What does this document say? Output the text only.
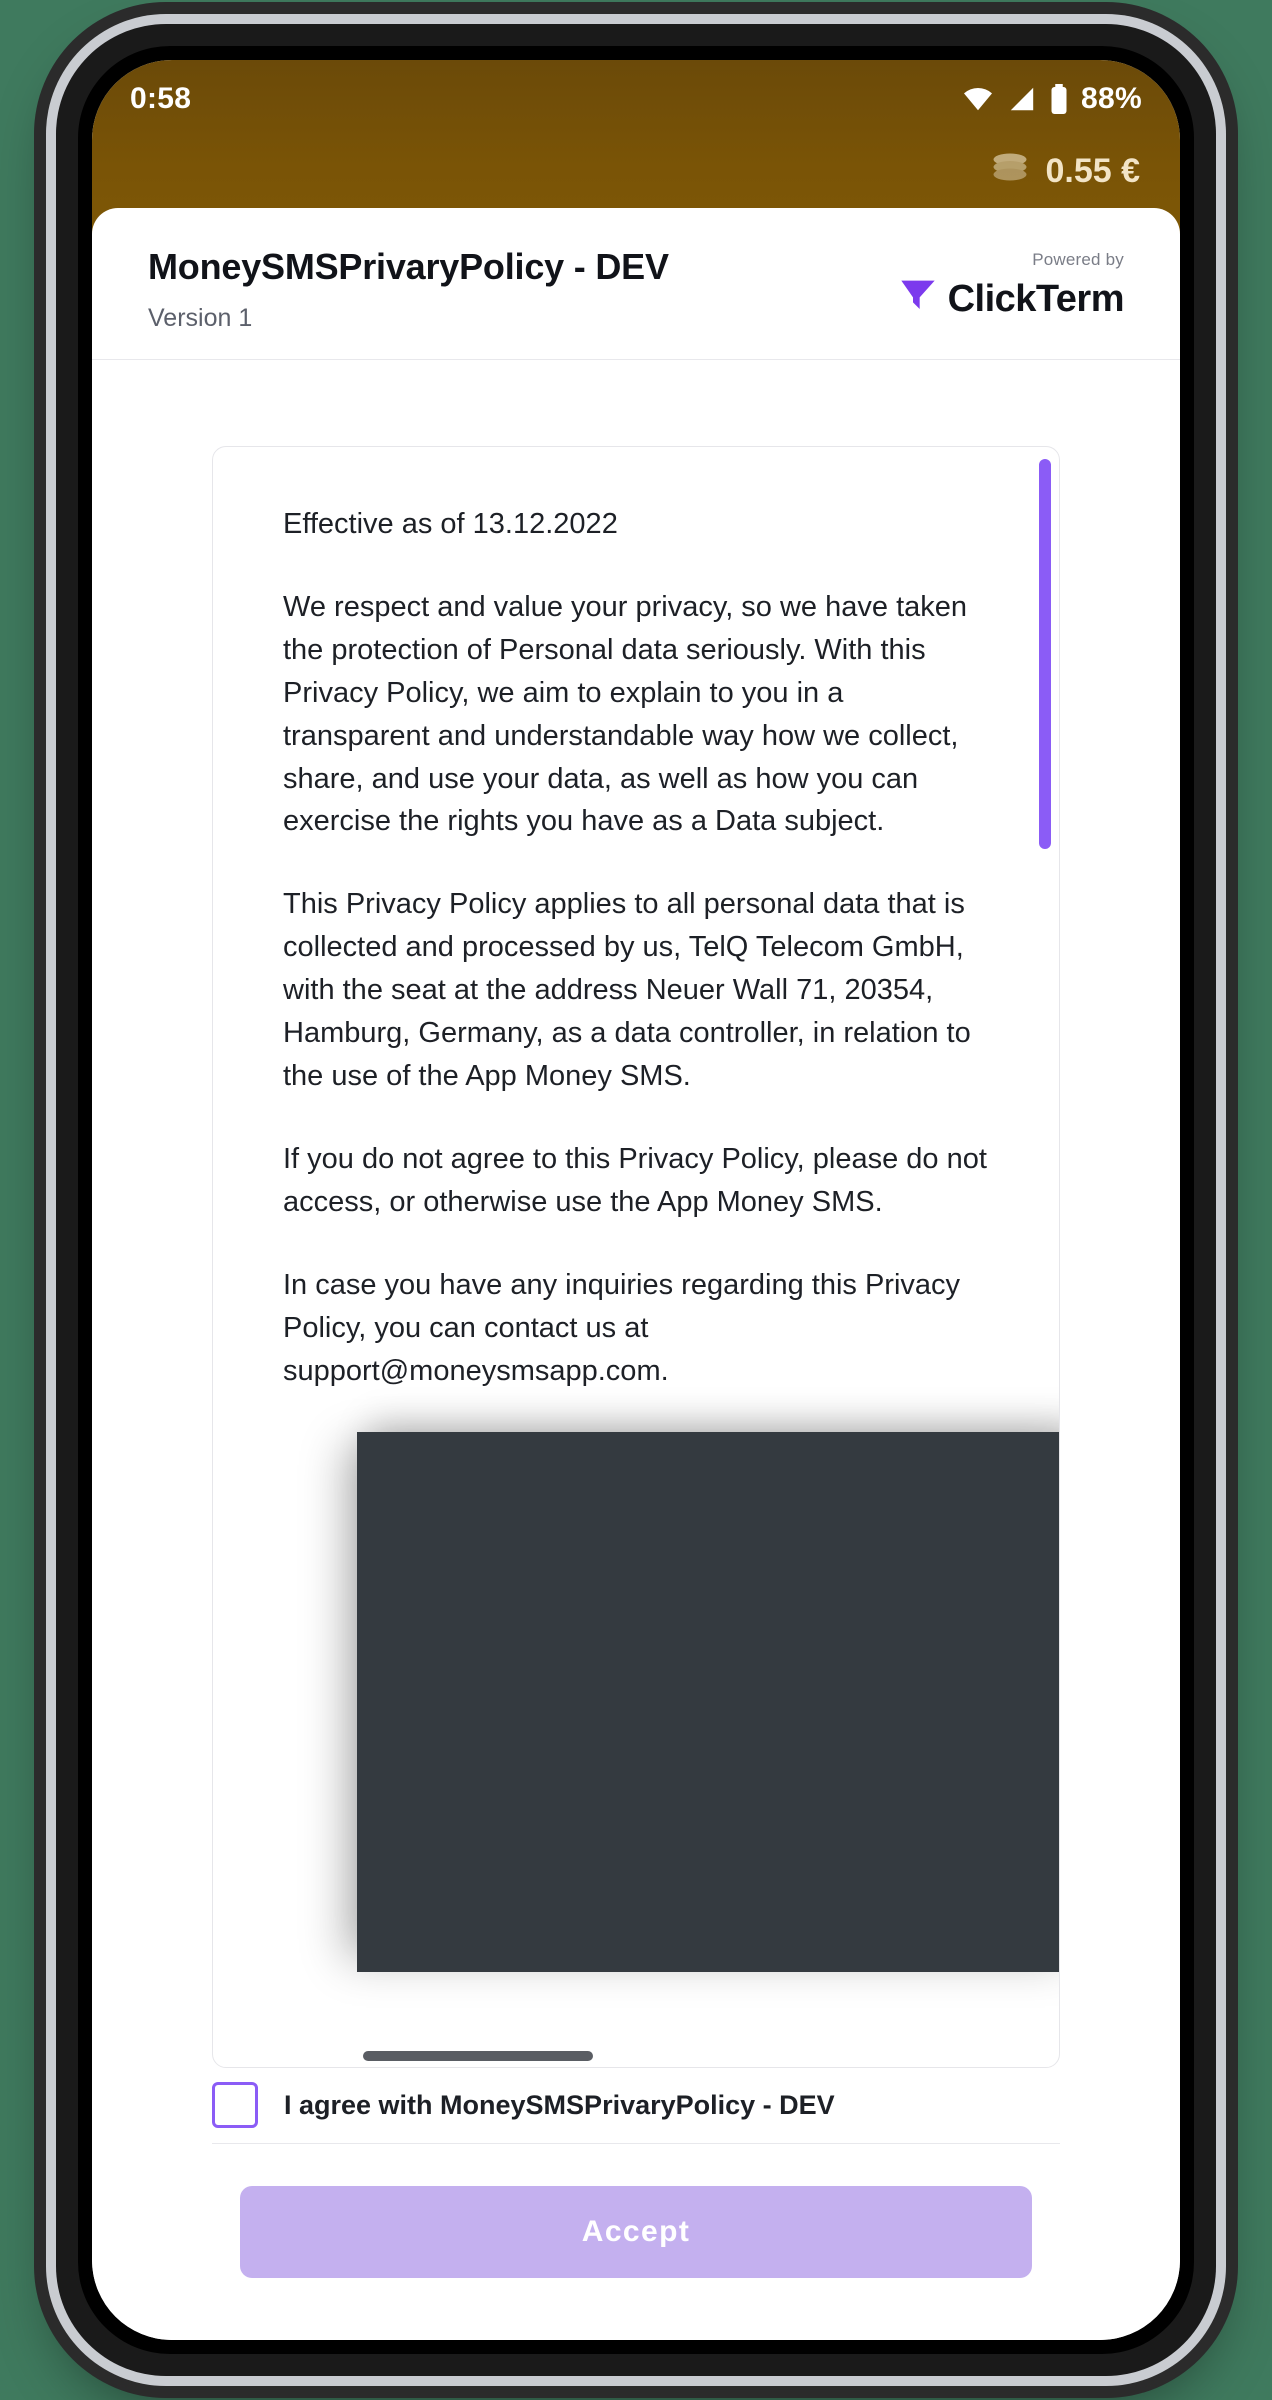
0:58	88%
0.55 €
MoneySMSPrivaryPolicy - DEV
Version 1
Powered by
ClickTerm

Effective as of 13.12.2022

We respect and value your privacy, so we have taken the protection of Personal data seriously. With this Privacy Policy, we aim to explain to you in a transparent and understandable way how we collect, share, and use your data, as well as how you can exercise the rights you have as a Data subject.

This Privacy Policy applies to all personal data that is collected and processed by us, TelQ Telecom GmbH, with the seat at the address Neuer Wall 71, 20354, Hamburg, Germany, as a data controller, in relation to the use of the App Money SMS.

If you do not agree to this Privacy Policy, please do not access, or otherwise use the App Money SMS.

In case you have any inquiries regarding this Privacy Policy, you can contact us at support@moneysmsapp.com.

I agree with MoneySMSPrivaryPolicy - DEV
Accept
